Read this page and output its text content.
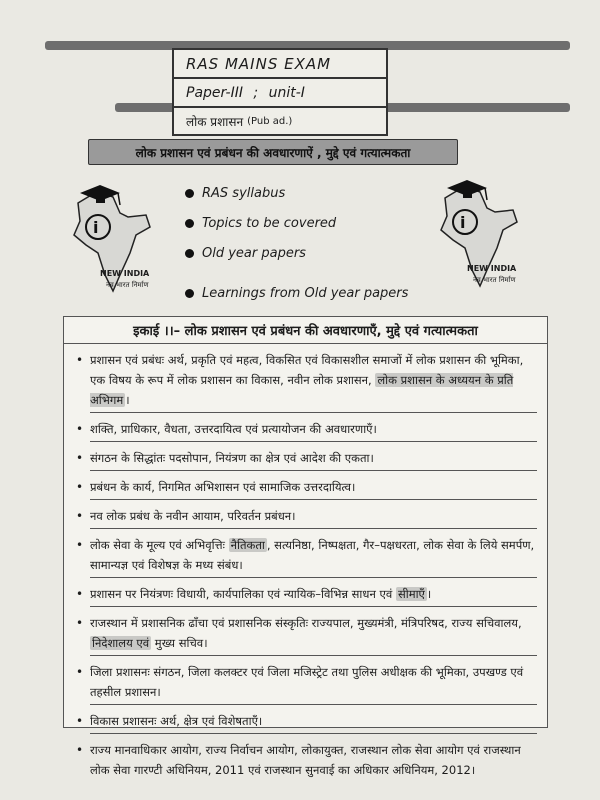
RAS MAINS EXAM
Paper-III ; unit-I
लोक प्रशासन (Pub ad.)
लोक प्रशासन एवं प्रबंधन की अवधारणाऐं , मुद्दे एवं गत्यात्मकता
RAS syllabus
Topics to be covered
Old year papers
Learnings from Old year papers
i
NEW INDIA
नव भारत निर्माण
i
NEW INDIA
नव भारत निर्माण
इकाई ।।– लोक प्रशासन एवं प्रबंधन की अवधारणाएँ, मुद्दे एवं गत्यात्मकता
• प्रशासन एवं प्रबंधः अर्थ, प्रकृति एवं महत्व, विकसित एवं विकासशील समाजों में लोक प्रशासन की भूमिका, एक विषय के रूप में लोक प्रशासन का विकास, नवीन लोक प्रशासन, लोक प्रशासन के अध्ययन के प्रति अभिगम ।
• शक्ति, प्राधिकार, वैधता, उत्तरदायित्व एवं प्रत्यायोजन की अवधारणाएँ।
• संगठन के सिद्धांतः पदसोपान, नियंत्रण का क्षेत्र एवं आदेश की एकता।
• प्रबंधन के कार्य, निगमित अभिशासन एवं सामाजिक उत्तरदायित्व।
• नव लोक प्रबंध के नवीन आयाम, परिवर्तन प्रबंधन।
• लोक सेवा के मूल्य एवं अभिवृत्तिः नैतिकता , सत्यनिष्ठा, निष्पक्षता, गैर–पक्षधरता, लोक सेवा के लिये समर्पण, सामान्यज्ञ एवं विशेषज्ञ के मध्य संबंध।
• प्रशासन पर नियंत्रणः विधायी, कार्यपालिका एवं न्यायिक–विभिन्न साधन एवं सीमाएँ ।
• राजस्थान में प्रशासनिक ढाँचा एवं प्रशासनिक संस्कृतिः राज्यपाल, मुख्यमंत्री, मंत्रिपरिषद, राज्य सचिवालय, निदेशालय एवं मुख्य सचिव।
• जिला प्रशासनः संगठन, जिला कलक्टर एवं जिला मजिस्ट्रेट तथा पुलिस अधीक्षक की भूमिका, उपखण्ड एवं तहसील प्रशासन।
• विकास प्रशासनः अर्थ, क्षेत्र एवं विशेषताएँ।
• राज्य मानवाधिकार आयोग, राज्य निर्वाचन आयोग, लोकायुक्त, राजस्थान लोक सेवा आयोग एवं राजस्थान लोक सेवा गारण्टी अधिनियम, 2011 एवं राजस्थान सुनवाई का अधिकार अधिनियम, 2012।
